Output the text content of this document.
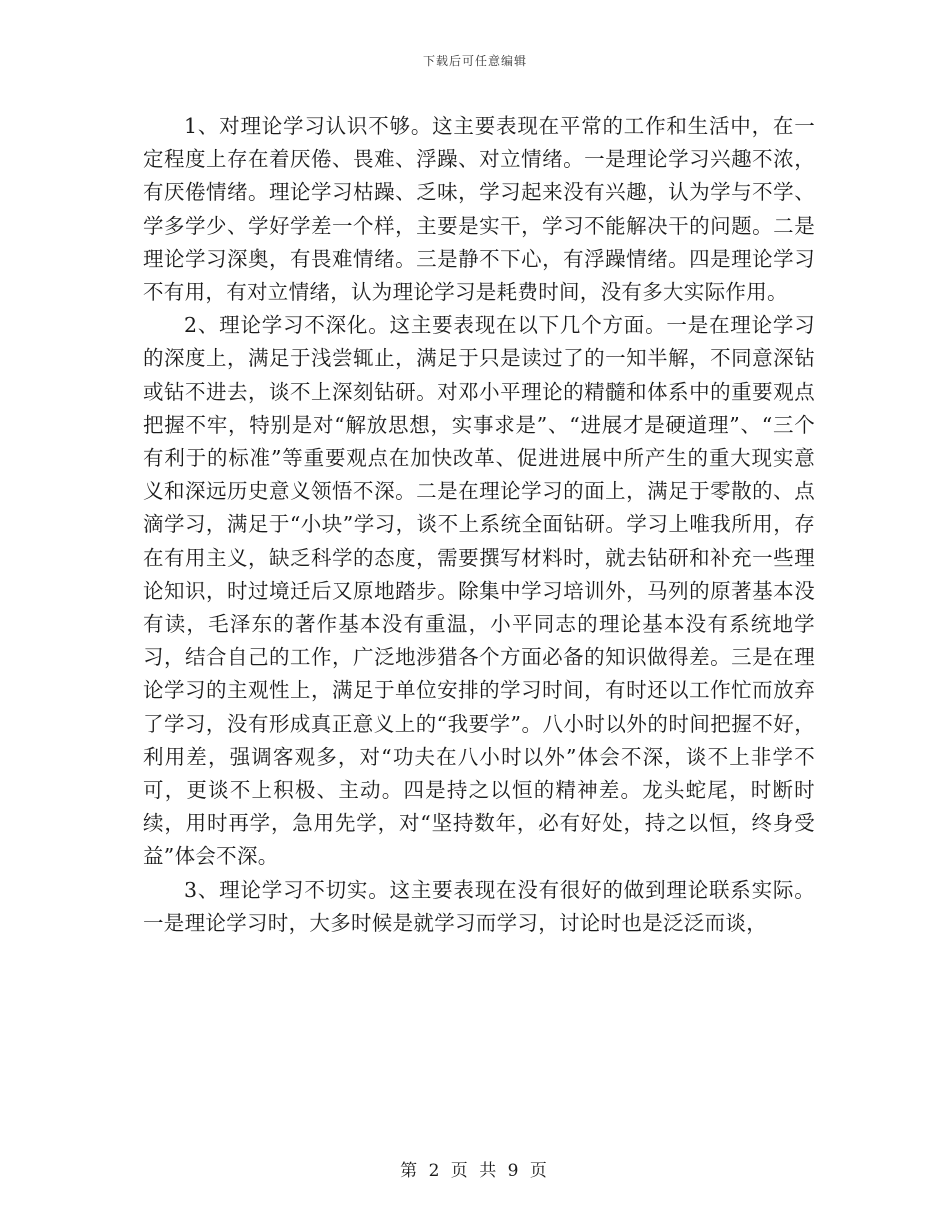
下载后可任意编辑

1、对理论学习认识不够。这主要表现在平常的工作和生活中，在一定程度上存在着厌倦、畏难、浮躁、对立情绪。一是理论学习兴趣不浓，有厌倦情绪。理论学习枯躁、乏味，学习起来没有兴趣，认为学与不学、学多学少、学好学差一个样，主要是实干，学习不能解决干的问题。二是理论学习深奥，有畏难情绪。三是静不下心，有浮躁情绪。四是理论学习不有用，有对立情绪，认为理论学习是耗费时间，没有多大实际作用。

2、理论学习不深化。这主要表现在以下几个方面。一是在理论学习的深度上，满足于浅尝辄止，满足于只是读过了的一知半解，不同意深钻或钻不进去，谈不上深刻钻研。对邓小平理论的精髓和体系中的重要观点把握不牢，特别是对“解放思想，实事求是”、“进展才是硬道理”、“三个有利于的标准”等重要观点在加快改革、促进进展中所产生的重大现实意义和深远历史意义领悟不深。二是在理论学习的面上，满足于零散的、点滴学习，满足于“小块”学习，谈不上系统全面钻研。学习上唯我所用，存在有用主义，缺乏科学的态度，需要撰写材料时，就去钻研和补充一些理论知识，时过境迁后又原地踏步。除集中学习培训外，马列的原著基本没有读，毛泽东的著作基本没有重温，小平同志的理论基本没有系统地学习，结合自己的工作，广泛地涉猎各个方面必备的知识做得差。三是在理论学习的主观性上，满足于单位安排的学习时间，有时还以工作忙而放弃了学习，没有形成真正意义上的“我要学”。八小时以外的时间把握不好，利用差，强调客观多，对“功夫在八小时以外”体会不深，谈不上非学不可，更谈不上积极、主动。四是持之以恒的精神差。龙头蛇尾，时断时续，用时再学，急用先学，对“坚持数年，必有好处，持之以恒，终身受益”体会不深。

3、理论学习不切实。这主要表现在没有很好的做到理论联系实际。一是理论学习时，大多时候是就学习而学习，讨论时也是泛泛而谈，

第 2 页 共 9 页
